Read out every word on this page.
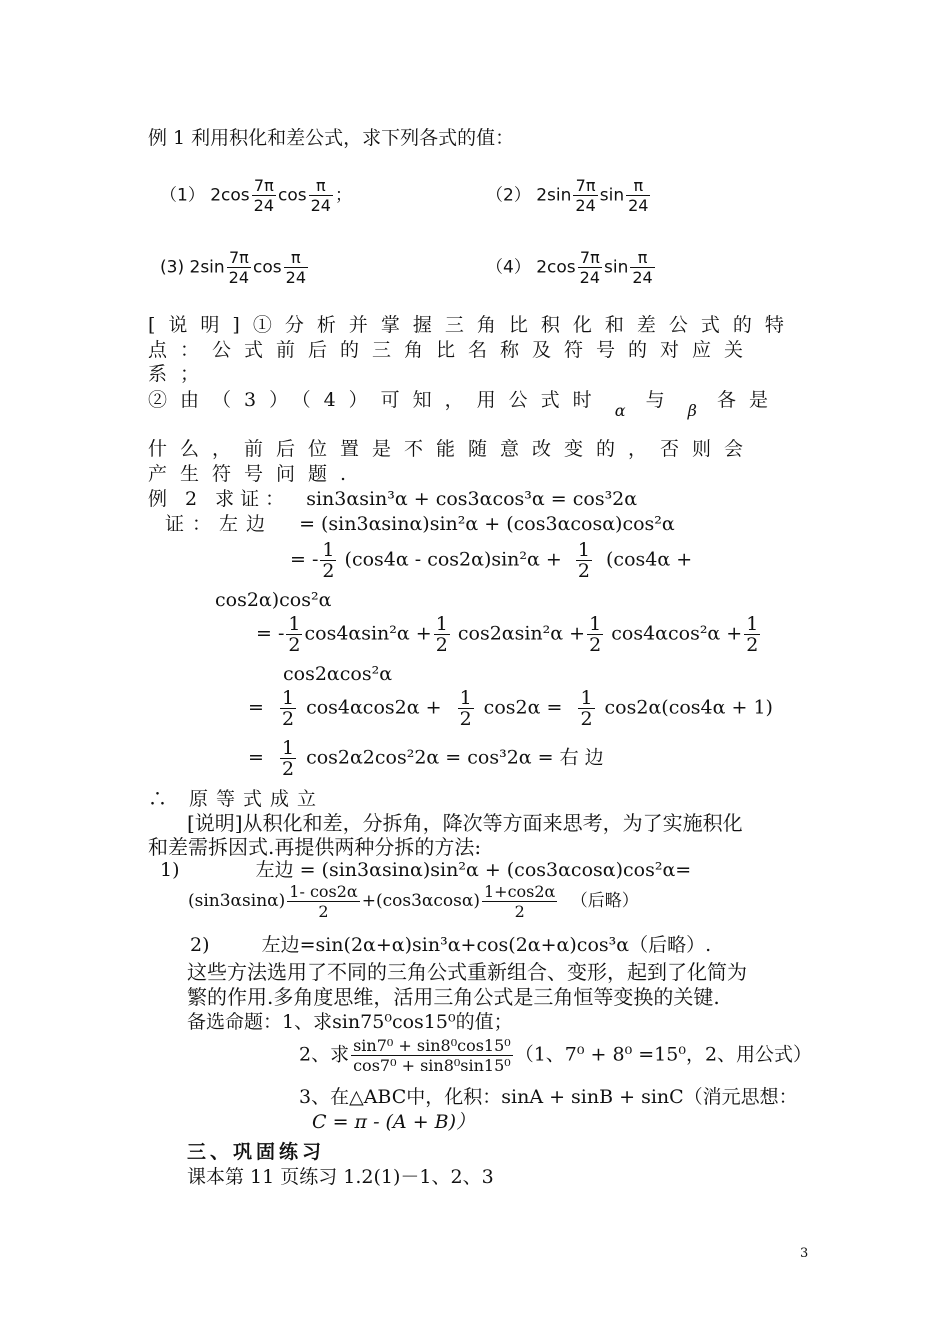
例 1 利用积化和差公式，求下列各式的值：
（1） $2\cos \frac{7\pi}{24}$ $\cos \frac{\pi}{24}$ ；	（2） $2\sin \frac{7\pi}{24}$ $\sin \frac{\pi}{24}$
(3) $2\sin \frac{7\pi}{24}$ $\cos \frac{\pi}{24}$	（4） $2\cos \frac{7\pi}{24}$ $\sin \frac{\pi}{24}$
[说明]①分析并掌握三角比积化和差公式的特
点：公式前后的三角比名称及符号的对应关
系；
②由（3）（4）可知，用公式时 $_\alpha$ 与 $_\beta$ 各是
什么，前后位置是不能随意改变的，否则会
产生符号问题.
例 2 求证： sin3αsin³α + cos3αcos³α = cos³2α
证：左边 = (sin3αsinα)sin²α + (cos3αcosα)cos²α
= - $\frac{1}{2} (\cos 4\alpha - \cos 2\alpha)\sin^2\alpha + \frac{1}{2} (\cos 4\alpha$ +
cos2α)cos²α
= - $\frac{1}{2} \cos 4\alpha\sin^2\alpha + \frac{1}{2} \cos 2\alpha\sin^2\alpha + \frac{1}{2} \cos 4\alpha\cos^2\alpha + \frac{1}{2}$
cos2αcos²α
= $\frac{1}{2} \cos 4\alpha\cos 2\alpha + \frac{1}{2} \cos 2\alpha = \frac{1}{2} \cos 2\alpha(\cos 4\alpha + 1)$
= $\frac{1}{2} \cos 2\alpha 2\cos^22\alpha = \cos^32\alpha$ = 右 边
∴ 原等式成立
[说明]从积化和差，分拆角，降次等方面来思考，为了实施积化
和差需拆因式.再提供两种分拆的方法:
1)	左边 = (sin3αsinα)sin²α + (cos3αcosα)cos²α=
$(\sin 3\alpha\sin\alpha) \frac{1- \cos 2\alpha}{2} +(\cos 3\alpha\cos\alpha) \frac{1+\cos 2\alpha}{2}$ （后略）
2)	左边=sin(2α+α)sin³α+cos(2α+α)cos³α（后略）.
这些方法选用了不同的三角公式重新组合、变形，起到了化简为
繁的作用.多角度思维，活用三角公式是三角恒等变换的关键.
备选命题：1、求sin75⁰cos15⁰的值；
2、求 $\frac{\text{sin7⁰ + sin8⁰cos15⁰}}{\text{cos7⁰ + sin8⁰sin15⁰}} (1$、7⁰ + 8⁰ =15⁰，2、用公式）
3、在△ABC中，化积：sinA + sinB + sinC（消元思想：
C = π - (A + B)）
三、巩固练习
课本第 11 页练习 1.2(1)－1、2、3
3
